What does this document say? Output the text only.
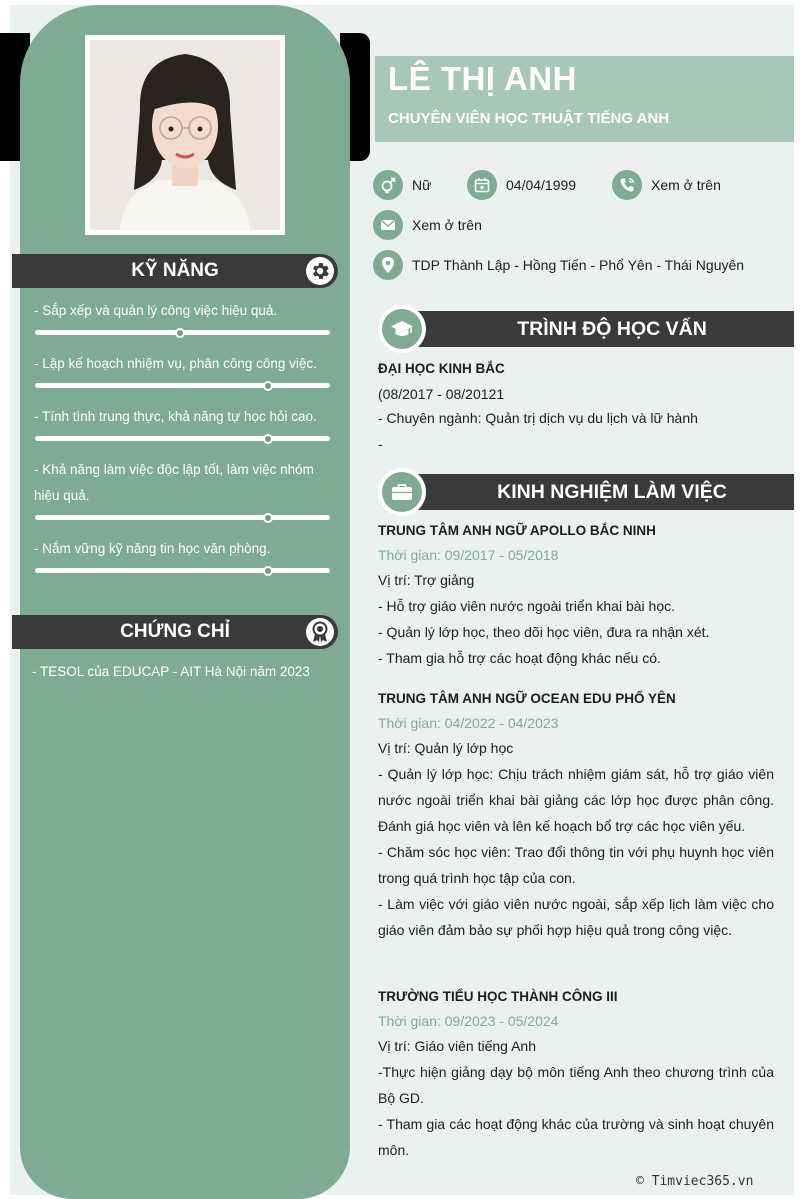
KỸ NĂNG
- Sắp xếp và quản lý công việc hiệu quả.
- Lập kế hoạch nhiệm vụ, phân công công việc.
- Tính tình trung thực, khả năng tự học hỏi cao.
- Khả năng làm việc độc lập tốt, làm việc nhóm hiệu quả.
- Nắm vững kỹ năng tin học văn phòng.
CHỨNG CHỈ
- TESOL của EDUCAP - AIT Hà Nội năm 2023
LÊ THỊ ANH
CHUYÊN VIÊN HỌC THUẬT TIẾNG ANH
Nữ	04/04/1999	Xem ở trên
Xem ở trên
TDP Thành Lập - Hồng Tiến - Phổ Yên - Thái Nguyên
TRÌNH ĐỘ HỌC VẤN
ĐẠI HỌC KINH BẮC
(08/2017 - 08/20121
- Chuyên ngành: Quản trị dịch vụ du lịch và lữ hành
-
KINH NGHIỆM LÀM VIỆC
TRUNG TÂM ANH NGỮ APOLLO BẮC NINH
Thời gian: 09/2017 - 05/2018
Vị trí: Trợ giảng
- Hỗ trợ giáo viên nước ngoài triển khai bài học.
- Quản lý lớp học, theo dõi học viên, đưa ra nhận xét.
- Tham gia hỗ trợ các hoạt động khác nếu có.
TRUNG TÂM ANH NGỮ OCEAN EDU PHỔ YÊN
Thời gian: 04/2022 - 04/2023
Vị trí: Quản lý lớp học
- Quản lý lớp học: Chịu trách nhiệm giám sát, hỗ trợ giáo viên nước ngoài triển khai bài giảng các lớp học được phân công. Đánh giá học viên và lên kế hoạch bổ trợ các học viên yếu.
- Chăm sóc học viên: Trao đổi thông tin với phụ huynh học viên trong quá trình học tập của con.
- Làm việc với giáo viên nước ngoài, sắp xếp lịch làm việc cho giáo viên đảm bảo sự phối hợp hiệu quả trong công việc.
TRƯỜNG TIỂU HỌC THÀNH CÔNG III
Thời gian: 09/2023 - 05/2024
Vị trí: Giáo viên tiếng Anh
-Thực hiện giảng dạy bộ môn tiếng Anh theo chương trình của Bộ GD.
- Tham gia các hoạt động khác của trường và sinh hoạt chuyên môn.
© Timviec365.vn
